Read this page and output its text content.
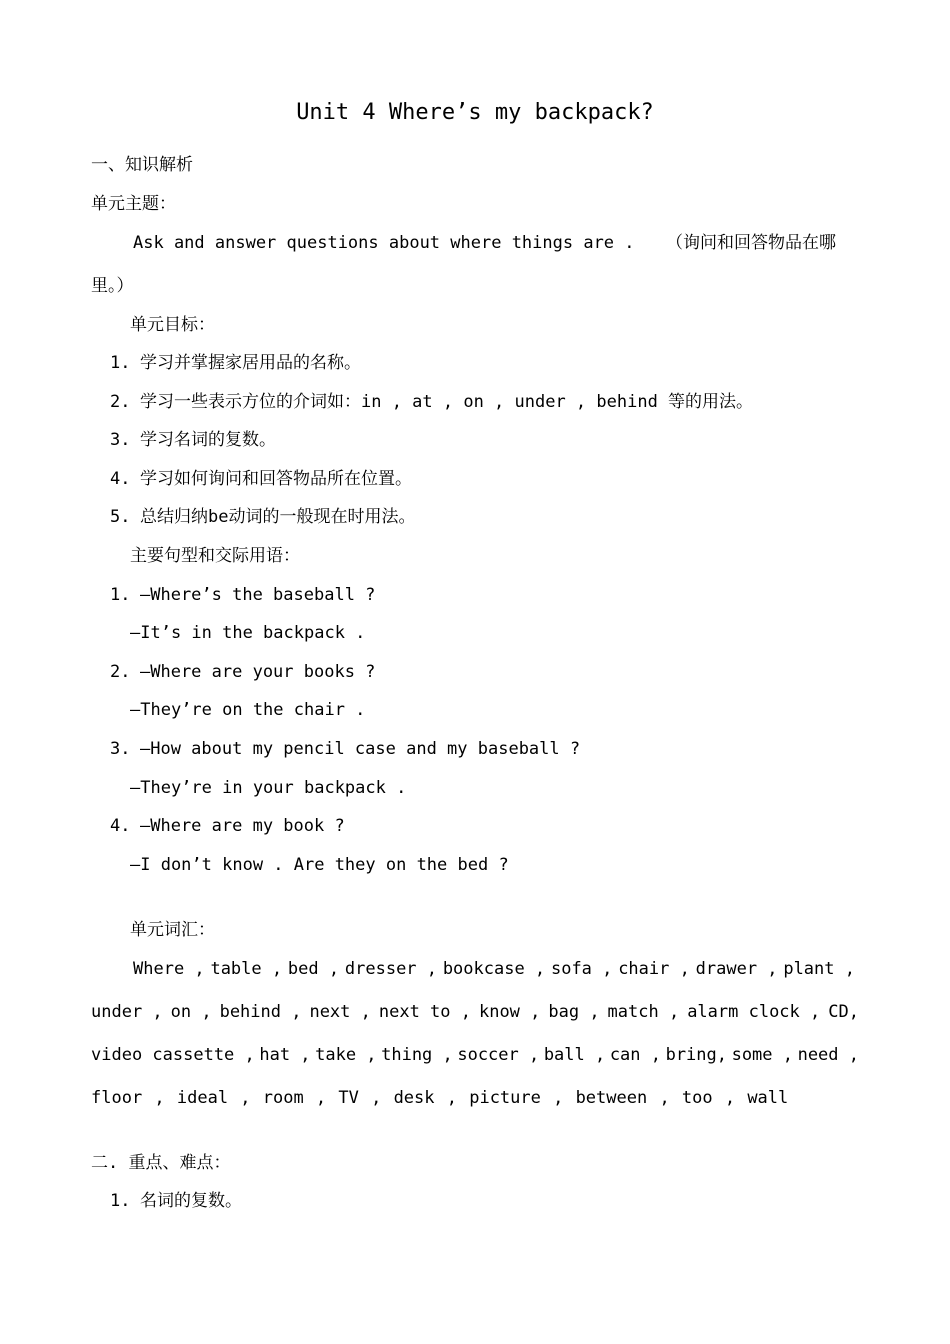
Unit 4 Where’s my backpack?
一、知识解析
单元主题：
Ask and answer questions about where things are . （询问和回答物品在哪
里。）
单元目标：
1. 学习并掌握家居用品的名称。
2. 学习一些表示方位的介词如：in , at , on , under , behind 等的用法。
3. 学习名词的复数。
4. 学习如何询问和回答物品所在位置。
5. 总结归纳be动词的一般现在时用法。
主要句型和交际用语：
1. —Where’s the baseball ?
—It’s in the backpack .
2. —Where are your books ?
—They’re on the chair .
3. —How about my pencil case and my baseball ?
—They’re in your backpack .
4. —Where are my book ?
—I don’t know . Are they on the bed ?
单元词汇：
Where , table , bed , dresser , bookcase , sofa , chair , drawer , plant ,
under , on , behind , next , next to , know , bag , match , alarm clock , CD,
video cassette , hat , take , thing , soccer , ball , can , bring, some , need ,
floor , ideal , room , TV , desk , picture , between , too , wall
二. 重点、难点：
1. 名词的复数。
